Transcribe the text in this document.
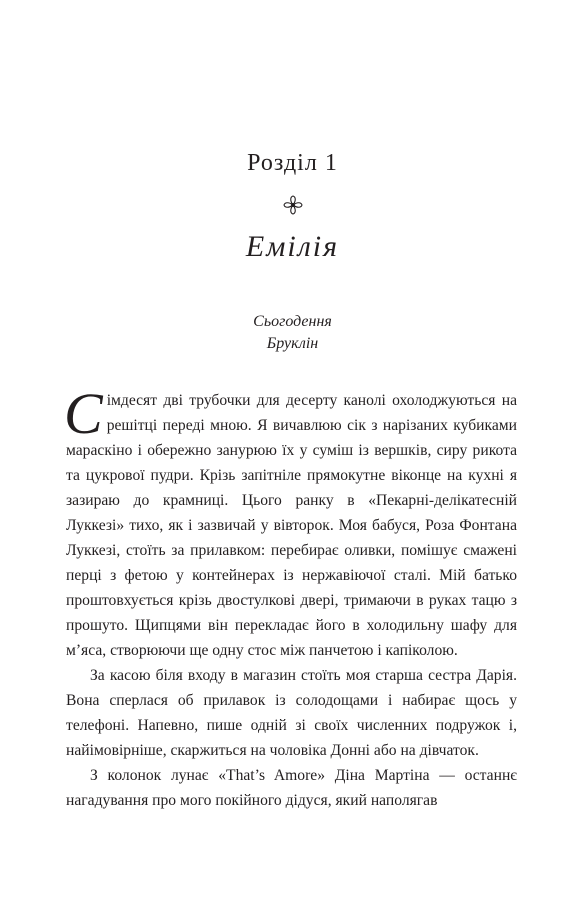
Розділ 1
Емілія
Сьогодення
Бруклін

Сімдесят дві трубочки для десерту канолі охолоджуються на решітці переді мною. Я вичавлюю сік з нарізаних кубиками мараскіно і обережно занурюю їх у суміш із вершків, сиру рикота та цукрової пудри. Крізь запітніле прямокутне віконце на кухні я зазираю до крамниці. Цього ранку в «Пекарні-делікатесній Луккезі» тихо, як і зазвичай у вівторок. Моя бабуся, Роза Фонтана Луккезі, стоїть за прилавком: перебирає оливки, помішує смажені перці з фетою у контейнерах із нержавіючої сталі. Мій батько проштовхується крізь двостулкові двері, тримаючи в руках тацю з прошуто. Щипцями він перекладає його в холодильну шафу для м’яса, створюючи ще одну стос між панчетою і капіколою.

За касою біля входу в магазин стоїть моя старша сестра Дарія. Вона сперлася об прилавок із солодощами і набирає щось у телефоні. Напевно, пише одній зі своїх численних подружок і, найімовірніше, скаржиться на чоловіка Донні або на дівчаток.

З колонок лунає «That’s Amore» Діна Мартіна — останнє нагадування про мого покійного дідуся, який наполягав
